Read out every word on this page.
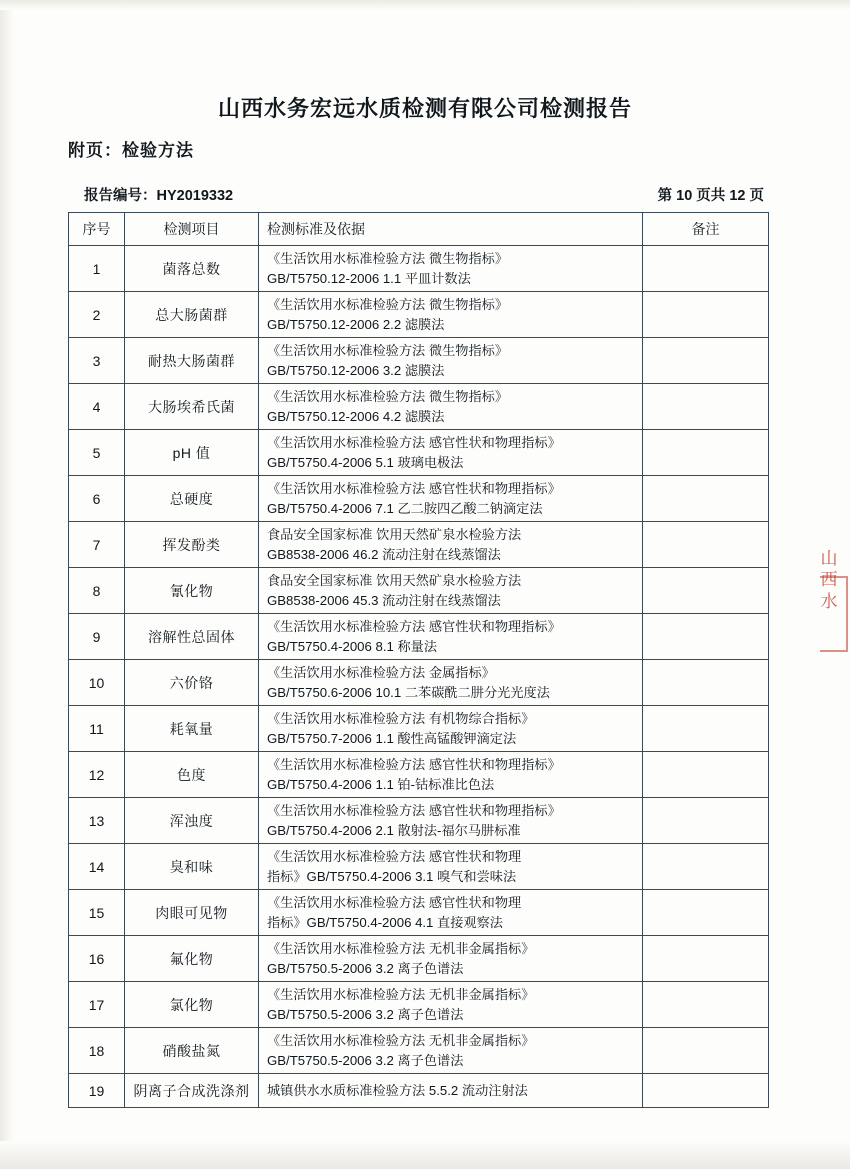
山西水务宏远水质检测有限公司检测报告
附页：检验方法
报告编号：HY2019332	第 10 页共 12 页
序号	检测项目	检测标准及依据	备注
1	菌落总数	《生活饮用水标准检验方法 微生物指标》
GB/T5750.12-2006 1.1 平皿计数法	

2	总大肠菌群	《生活饮用水标准检验方法 微生物指标》
GB/T5750.12-2006 2.2 滤膜法	

3	耐热大肠菌群	《生活饮用水标准检验方法 微生物指标》
GB/T5750.12-2006 3.2 滤膜法	

4	大肠埃希氏菌	《生活饮用水标准检验方法 微生物指标》
GB/T5750.12-2006 4.2 滤膜法	

5	pH 值	《生活饮用水标准检验方法 感官性状和物理指标》
GB/T5750.4-2006 5.1 玻璃电极法	

6	总硬度	《生活饮用水标准检验方法 感官性状和物理指标》
GB/T5750.4-2006 7.1 乙二胺四乙酸二钠滴定法	

7	挥发酚类	食品安全国家标准 饮用天然矿泉水检验方法
GB8538-2006 46.2 流动注射在线蒸馏法	

8	氰化物	食品安全国家标准 饮用天然矿泉水检验方法
GB8538-2006 45.3 流动注射在线蒸馏法	

9	溶解性总固体	《生活饮用水标准检验方法 感官性状和物理指标》
GB/T5750.4-2006 8.1 称量法	

10	六价铬	《生活饮用水标准检验方法 金属指标》
GB/T5750.6-2006 10.1 二苯碳酰二肼分光光度法	

11	耗氧量	《生活饮用水标准检验方法 有机物综合指标》
GB/T5750.7-2006 1.1 酸性高锰酸钾滴定法	

12	色度	《生活饮用水标准检验方法 感官性状和物理指标》
GB/T5750.4-2006 1.1 铂-钴标准比色法	

13	浑浊度	《生活饮用水标准检验方法 感官性状和物理指标》
GB/T5750.4-2006 2.1 散射法-福尔马肼标准	

14	臭和味	《生活饮用水标准检验方法 感官性状和物理
指标》GB/T5750.4-2006 3.1 嗅气和尝味法	

15	肉眼可见物	《生活饮用水标准检验方法 感官性状和物理
指标》GB/T5750.4-2006 4.1 直接观察法	

16	氟化物	《生活饮用水标准检验方法 无机非金属指标》
GB/T5750.5-2006 3.2 离子色谱法	

17	氯化物	《生活饮用水标准检验方法 无机非金属指标》
GB/T5750.5-2006 3.2 离子色谱法	

18	硝酸盐氮	《生活饮用水标准检验方法 无机非金属指标》
GB/T5750.5-2006 3.2 离子色谱法	

19	阴离子合成洗涤剂	城镇供水水质标准检验方法 5.5.2 流动注射法	

山
西
水
